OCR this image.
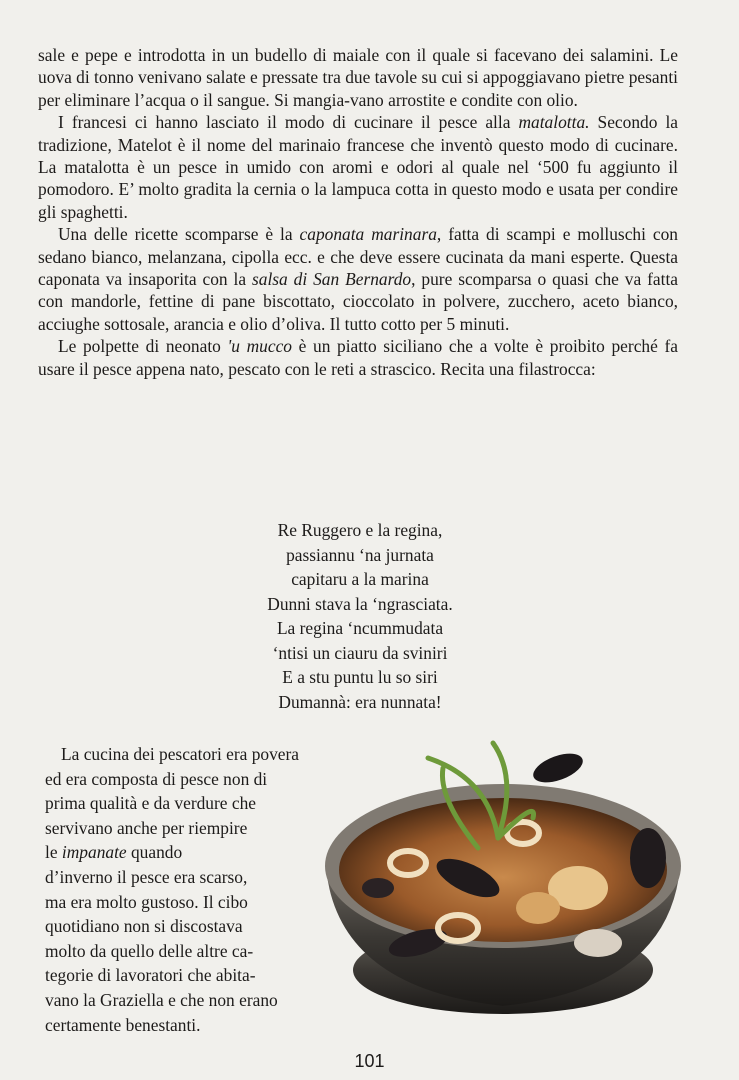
sale e pepe e introdotta in un budello di maiale con il quale si facevano dei salamini. Le uova di tonno venivano salate e pressate tra due tavole su cui si appoggiavano pietre pesanti per eliminare l’acqua o il sangue. Si mangia-vano arrostite e condite con olio.

I francesi ci hanno lasciato il modo di cucinare il pesce alla matalotta. Secondo la tradizione, Matelot è il nome del marinaio francese che inventò questo modo di cucinare. La matalotta è un pesce in umido con aromi e odori al quale nel ‘500 fu aggiunto il pomodoro. E’ molto gradita la cernia o la lampuca cotta in questo modo e usata per condire gli spaghetti.

Una delle ricette scomparse è la caponata marinara, fatta di scampi e molluschi con sedano bianco, melanzana, cipolla ecc. e che deve essere cucinata da mani esperte. Questa caponata va insaporita con la salsa di San Bernardo, pure scomparsa o quasi che va fatta con mandorle, fettine di pane biscottato, cioccolato in polvere, zucchero, aceto bianco, acciughe sottosale, arancia e olio d’oliva. Il tutto cotto per 5 minuti.

Le polpette di neonato 'u mucco è un piatto siciliano che a volte è proibito perché fa usare il pesce appena nato, pescato con le reti a strascico. Recita una filastrocca:

Re Ruggero e la regina,
passiannu ‘na jurnata
capitaru a la marina
Dunni stava la ‘ngrasciata.
La regina ‘ncummudata
‘ntisi un ciauru da sviniri
E a stu puntu lu so siri
Dumannà: era nunnata!
La cucina dei pescatori era povera
ed era composta di pesce non di
prima qualità e da verdure che
servivano anche per riempire
le impanate quando
d’inverno il pesce era scarso,
ma era molto gustoso. Il cibo
quotidiano non si discostava
molto da quello delle altre ca-
tegorie di lavoratori che abita-
vano la Graziella e che non erano
certamente benestanti.
101
